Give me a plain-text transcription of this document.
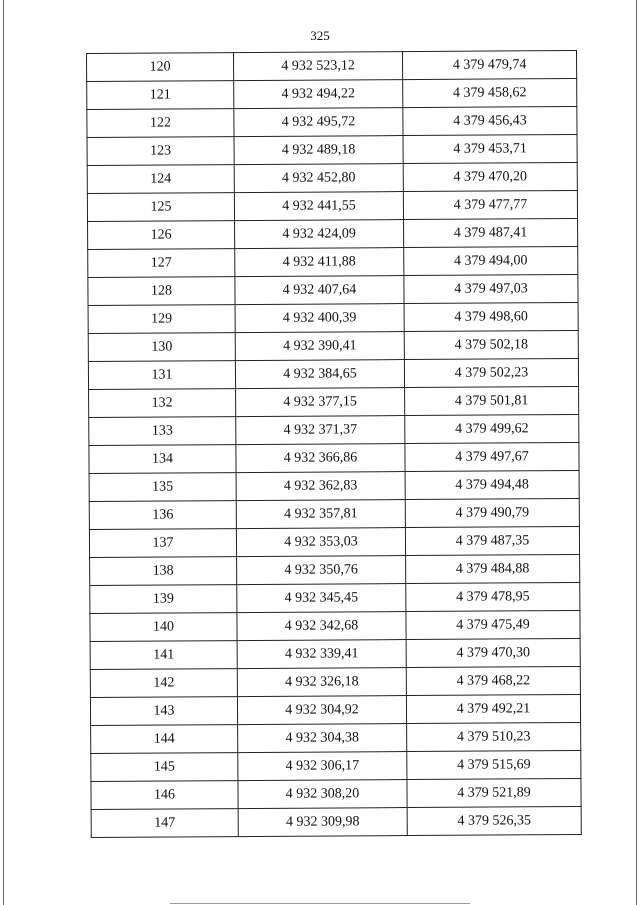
325
120	4 932 523,12	4 379 479,74
121	4 932 494,22	4 379 458,62
122	4 932 495,72	4 379 456,43
123	4 932 489,18	4 379 453,71
124	4 932 452,80	4 379 470,20
125	4 932 441,55	4 379 477,77
126	4 932 424,09	4 379 487,41
127	4 932 411,88	4 379 494,00
128	4 932 407,64	4 379 497,03
129	4 932 400,39	4 379 498,60
130	4 932 390,41	4 379 502,18
131	4 932 384,65	4 379 502,23
132	4 932 377,15	4 379 501,81
133	4 932 371,37	4 379 499,62
134	4 932 366,86	4 379 497,67
135	4 932 362,83	4 379 494,48
136	4 932 357,81	4 379 490,79
137	4 932 353,03	4 379 487,35
138	4 932 350,76	4 379 484,88
139	4 932 345,45	4 379 478,95
140	4 932 342,68	4 379 475,49
141	4 932 339,41	4 379 470,30
142	4 932 326,18	4 379 468,22
143	4 932 304,92	4 379 492,21
144	4 932 304,38	4 379 510,23
145	4 932 306,17	4 379 515,69
146	4 932 308,20	4 379 521,89
147	4 932 309,98	4 379 526,35
